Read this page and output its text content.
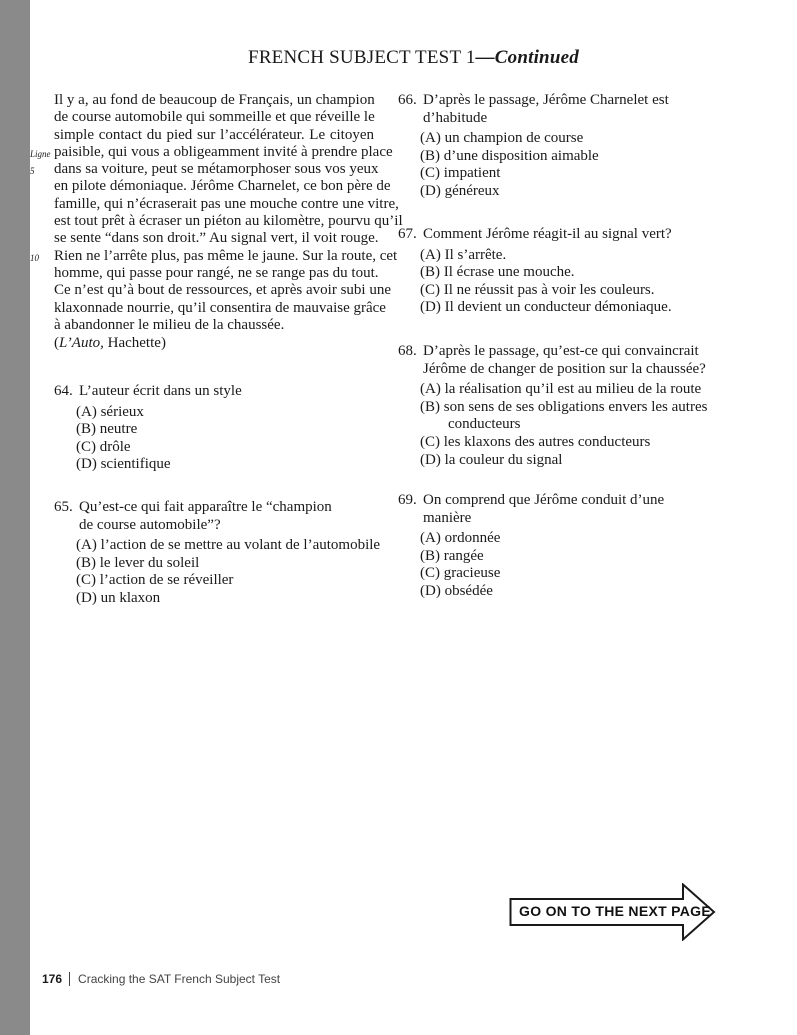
FRENCH SUBJECT TEST 1—Continued
Il y a, au fond de beaucoup de Français, un champion
de course automobile qui sommeille et que réveille le
simple contact du pied sur l’accélérateur. Le citoyen
Ligne paisible, qui vous a obligeamment invité à prendre place
5	dans sa voiture, peut se métamorphoser sous vos yeux
en pilote démoniaque. Jérôme Charnelet, ce bon père de
famille, qui n’écraserait pas une mouche contre une vitre,
est tout prêt à écraser un piéton au kilomètre, pourvu qu’il
se sente “dans son droit.” Au signal vert, il voit rouge.
10	Rien ne l’arrête plus, pas même le jaune. Sur la route, cet
homme, qui passe pour rangé, ne se range pas du tout.
Ce n’est qu’à bout de ressources, et après avoir subi une
klaxonnade nourrie, qu’il consentira de mauvaise grâce
à abandonner le milieu de la chaussée.
(L’Auto, Hachette)
64. L’auteur écrit dans un style
(A) sérieux
(B) neutre
(C) drôle
(D) scientifique
65. Qu’est-ce qui fait apparaître le “champion de course automobile”?
(A) l’action de se mettre au volant de l’automobile
(B) le lever du soleil
(C) l’action de se réveiller
(D) un klaxon
66. D’après le passage, Jérôme Charnelet est d’habitude
(A) un champion de course
(B) d’une disposition aimable
(C) impatient
(D) généreux
67. Comment Jérôme réagit-il au signal vert?
(A) Il s’arrête.
(B) Il écrase une mouche.
(C) Il ne réussit pas à voir les couleurs.
(D) Il devient un conducteur démoniaque.
68. D’après le passage, qu’est-ce qui convaincrait Jérôme de changer de position sur la chaussée?
(A) la réalisation qu’il est au milieu de la route
(B) son sens de ses obligations envers les autres conducteurs
(C) les klaxons des autres conducteurs
(D) la couleur du signal
69. On comprend que Jérôme conduit d’une manière
(A) ordonnée
(B) rangée
(C) gracieuse
(D) obsédée
GO ON TO THE NEXT PAGE
176 Cracking the SAT French Subject Test
